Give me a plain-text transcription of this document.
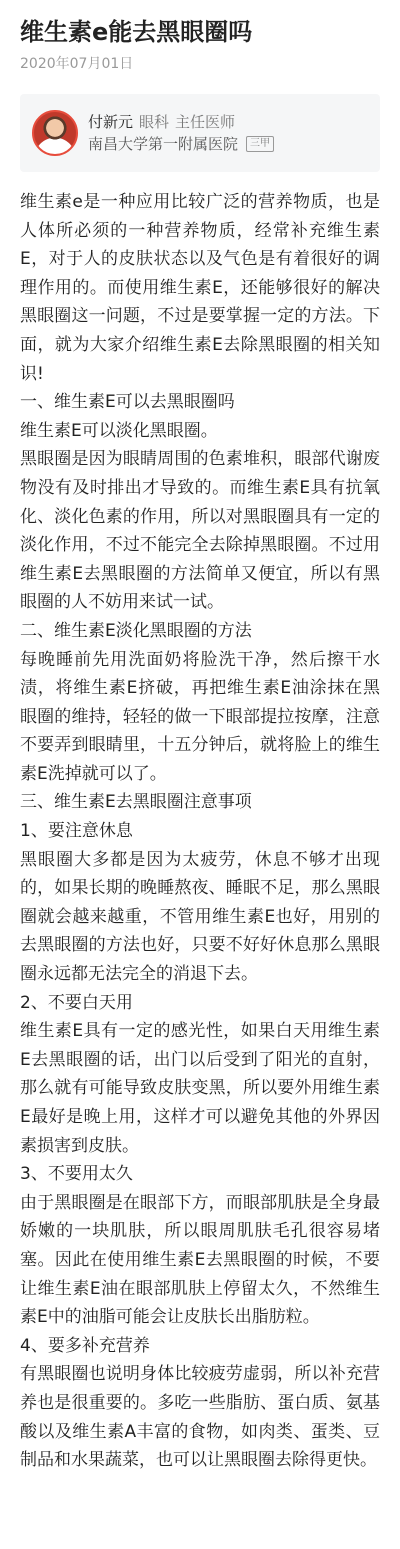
维生素e能去黑眼圈吗
2020年07月01日
付新元 眼科 主任医师
南昌大学第一附属医院	三甲

维生素e是一种应用比较广泛的营养物质，也是人体所必须的一种营养物质，经常补充维生素E，对于人的皮肤状态以及气色是有着很好的调理作用的。而使用维生素E，还能够很好的解决黑眼圈这一问题，不过是要掌握一定的方法。下面，就为大家介绍维生素E去除黑眼圈的相关知识!

一、维生素E可以去黑眼圈吗

维生素E可以淡化黑眼圈。

黑眼圈是因为眼睛周围的色素堆积，眼部代谢废物没有及时排出才导致的。而维生素E具有抗氧化、淡化色素的作用，所以对黑眼圈具有一定的淡化作用，不过不能完全去除掉黑眼圈。不过用维生素E去黑眼圈的方法简单又便宜，所以有黑眼圈的人不妨用来试一试。

二、维生素E淡化黑眼圈的方法

每晚睡前先用洗面奶将脸洗干净，然后擦干水渍，将维生素E挤破，再把维生素E油涂抹在黑眼圈的维持，轻轻的做一下眼部提拉按摩，注意不要弄到眼睛里，十五分钟后，就将脸上的维生素E洗掉就可以了。

三、维生素E去黑眼圈注意事项

1、要注意休息

黑眼圈大多都是因为太疲劳，休息不够才出现的，如果长期的晚睡熬夜、睡眠不足，那么黑眼圈就会越来越重，不管用维生素E也好，用别的去黑眼圈的方法也好，只要不好好休息那么黑眼圈永远都无法完全的消退下去。

2、不要白天用

维生素E具有一定的感光性，如果白天用维生素E去黑眼圈的话，出门以后受到了阳光的直射，那么就有可能导致皮肤变黑，所以要外用维生素E最好是晚上用，这样才可以避免其他的外界因素损害到皮肤。

3、不要用太久

由于黑眼圈是在眼部下方，而眼部肌肤是全身最娇嫩的一块肌肤，所以眼周肌肤毛孔很容易堵塞。因此在使用维生素E去黑眼圈的时候，不要让维生素E油在眼部肌肤上停留太久，不然维生素E中的油脂可能会让皮肤长出脂肪粒。

4、要多补充营养

有黑眼圈也说明身体比较疲劳虚弱，所以补充营养也是很重要的。多吃一些脂肪、蛋白质、氨基酸以及维生素A丰富的食物，如肉类、蛋类、豆制品和水果蔬菜，也可以让黑眼圈去除得更快。
